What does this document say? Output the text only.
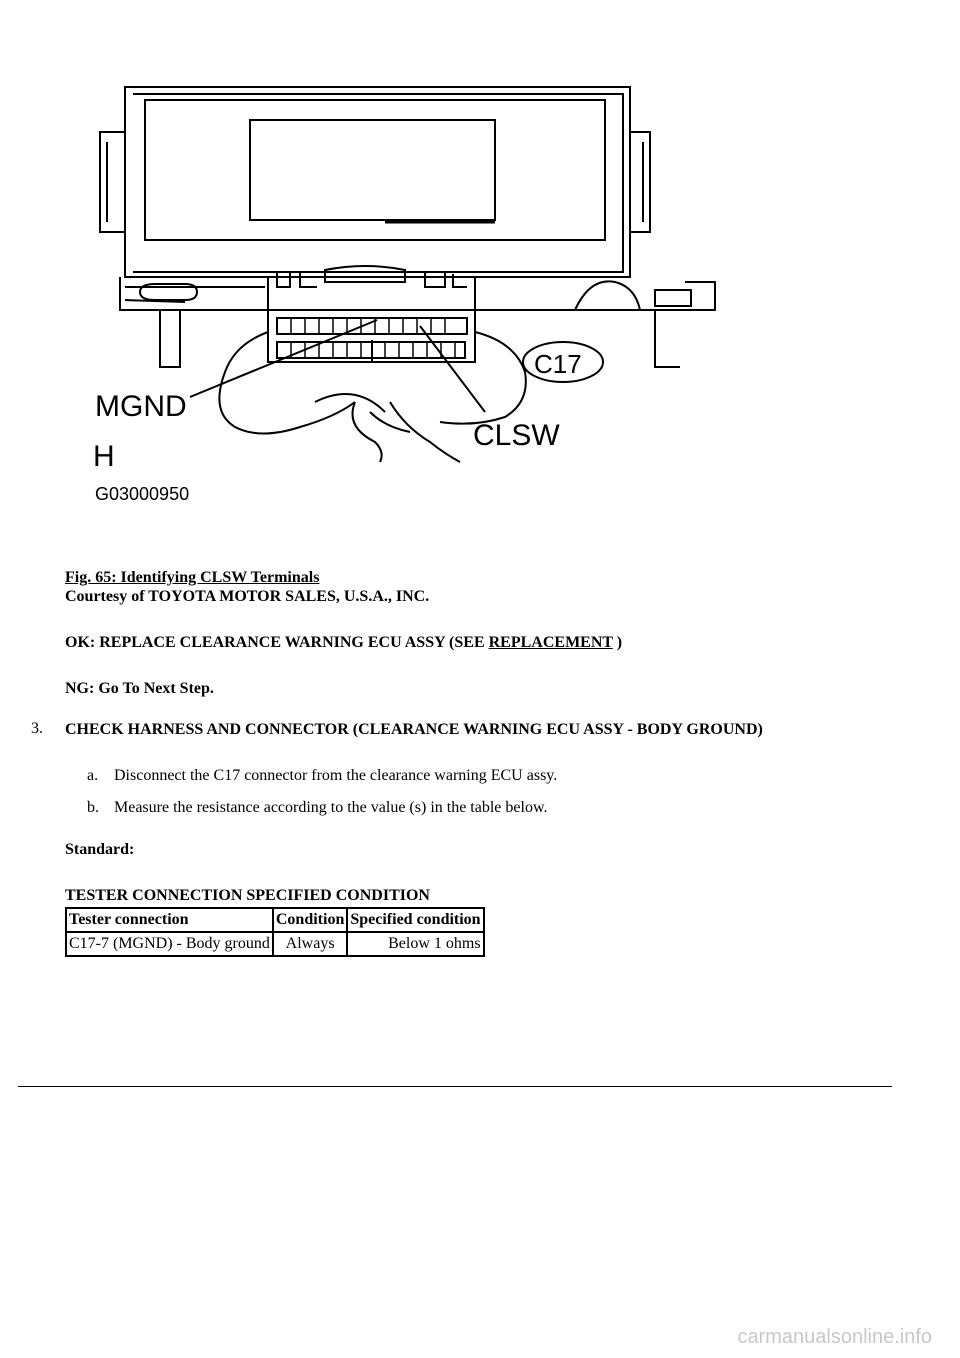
MGND
CLSW
C17
H
G03000950
Fig. 65: Identifying CLSW Terminals
Courtesy of TOYOTA MOTOR SALES, U.S.A., INC.
OK: REPLACE CLEARANCE WARNING ECU ASSY (SEE REPLACEMENT )
NG: Go To Next Step.
3. CHECK HARNESS AND CONNECTOR (CLEARANCE WARNING ECU ASSY - BODY GROUND)
a. Disconnect the C17 connector from the clearance warning ECU assy.
b. Measure the resistance according to the value (s) in the table below.
Standard:
TESTER CONNECTION SPECIFIED CONDITION
Tester connection	Condition	Specified condition
C17-7 (MGND) - Body ground	Always	Below 1 ohms
carmanualsonline.info
